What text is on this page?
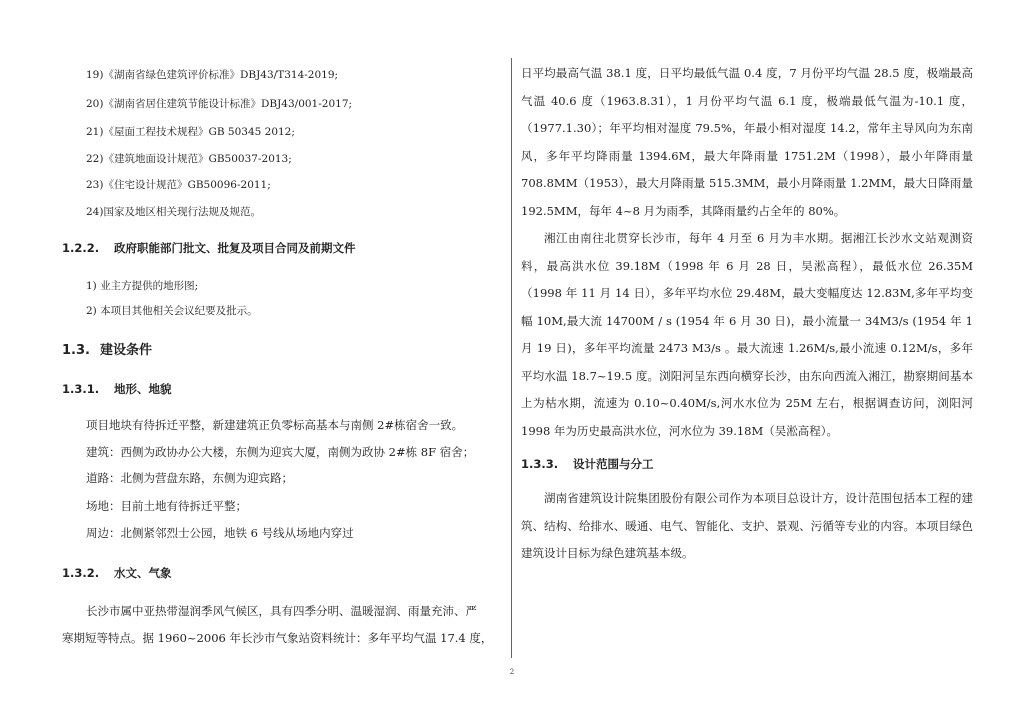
19)《湖南省绿色建筑评价标准》DBJ43/T314-2019;
20)《湖南省居住建筑节能设计标准》DBJ43/001-2017;
21)《屋面工程技术规程》GB 50345 2012;
22)《建筑地面设计规范》GB50037-2013;
23)《住宅设计规范》GB50096-2011;
24)国家及地区相关现行法规及规范。
1.2.2. 政府职能部门批文、批复及项目合同及前期文件
1) 业主方提供的地形图;
2) 本项目其他相关会议纪要及批示。
1.3. 建设条件
1.3.1. 地形、地貌
项目地块有待拆迁平整，新建建筑正负零标高基本与南侧 2#栋宿舍一致。
建筑：西侧为政协办公大楼，东侧为迎宾大厦，南侧为政协 2#栋 8F 宿舍；
道路：北侧为营盘东路，东侧为迎宾路；
场地：目前土地有待拆迁平整；
周边：北侧紧邻烈士公园，地铁 6 号线从场地内穿过
1.3.2. 水文、气象
长沙市属中亚热带湿润季风气候区，具有四季分明、温暖湿润、雨量充沛、严
寒期短等特点。据 1960~2006 年长沙市气象站资料统计：多年平均气温 17.4 度，
日平均最高气温 38.1 度，日平均最低气温 0.4 度，7 月份平均气温 28.5 度，极端最高气温 40.6 度（1963.8.31），1 月份平均气温 6.1 度，极端最低气温为-10.1 度，（1977.1.30）；年平均相对湿度 79.5%，年最小相对湿度 14.2，常年主导风向为东南风，多年平均降雨量 1394.6M，最大年降雨量 1751.2M（1998），最小年降雨量 708.8MM（1953），最大月降雨量 515.3MM，最小月降雨量 1.2MM，最大日降雨量 192.5MM，每年 4~8 月为雨季，其降雨量约占全年的 80%。
湘江由南往北贯穿长沙市，每年 4 月至 6 月为丰水期。据湘江长沙水文站观测资料，最高洪水位 39.18M（1998 年 6 月 28 日，吴淞高程），最低水位 26.35M（1998 年 11 月 14 日），多年平均水位 29.48M，最大变幅度达 12.83M,多年平均变幅 10M,最大流 14700M / s (1954 年 6 月 30 日)，最小流量一 34M3/s (1954 年 1 月 19 日)，多年平均流量 2473 M3/s 。最大流速 1.26M/s,最小流速 0.12M/s，多年平均水温 18.7~19.5 度。浏阳河呈东西向横穿长沙，由东向西流入湘江，勘察期间基本上为枯水期，流速为 0.10~0.40M/s,河水水位为 25M 左右，根据调查访问，浏阳河 1998 年为历史最高洪水位，河水位为 39.18M（吴淞高程）。
1.3.3. 设计范围与分工
湖南省建筑设计院集团股份有限公司作为本项目总设计方，设计范围包括本工程的建筑、结构、给排水、暖通、电气、智能化、支护、景观、污循等专业的内容。本项目绿色建筑设计目标为绿色建筑基本级。
2
